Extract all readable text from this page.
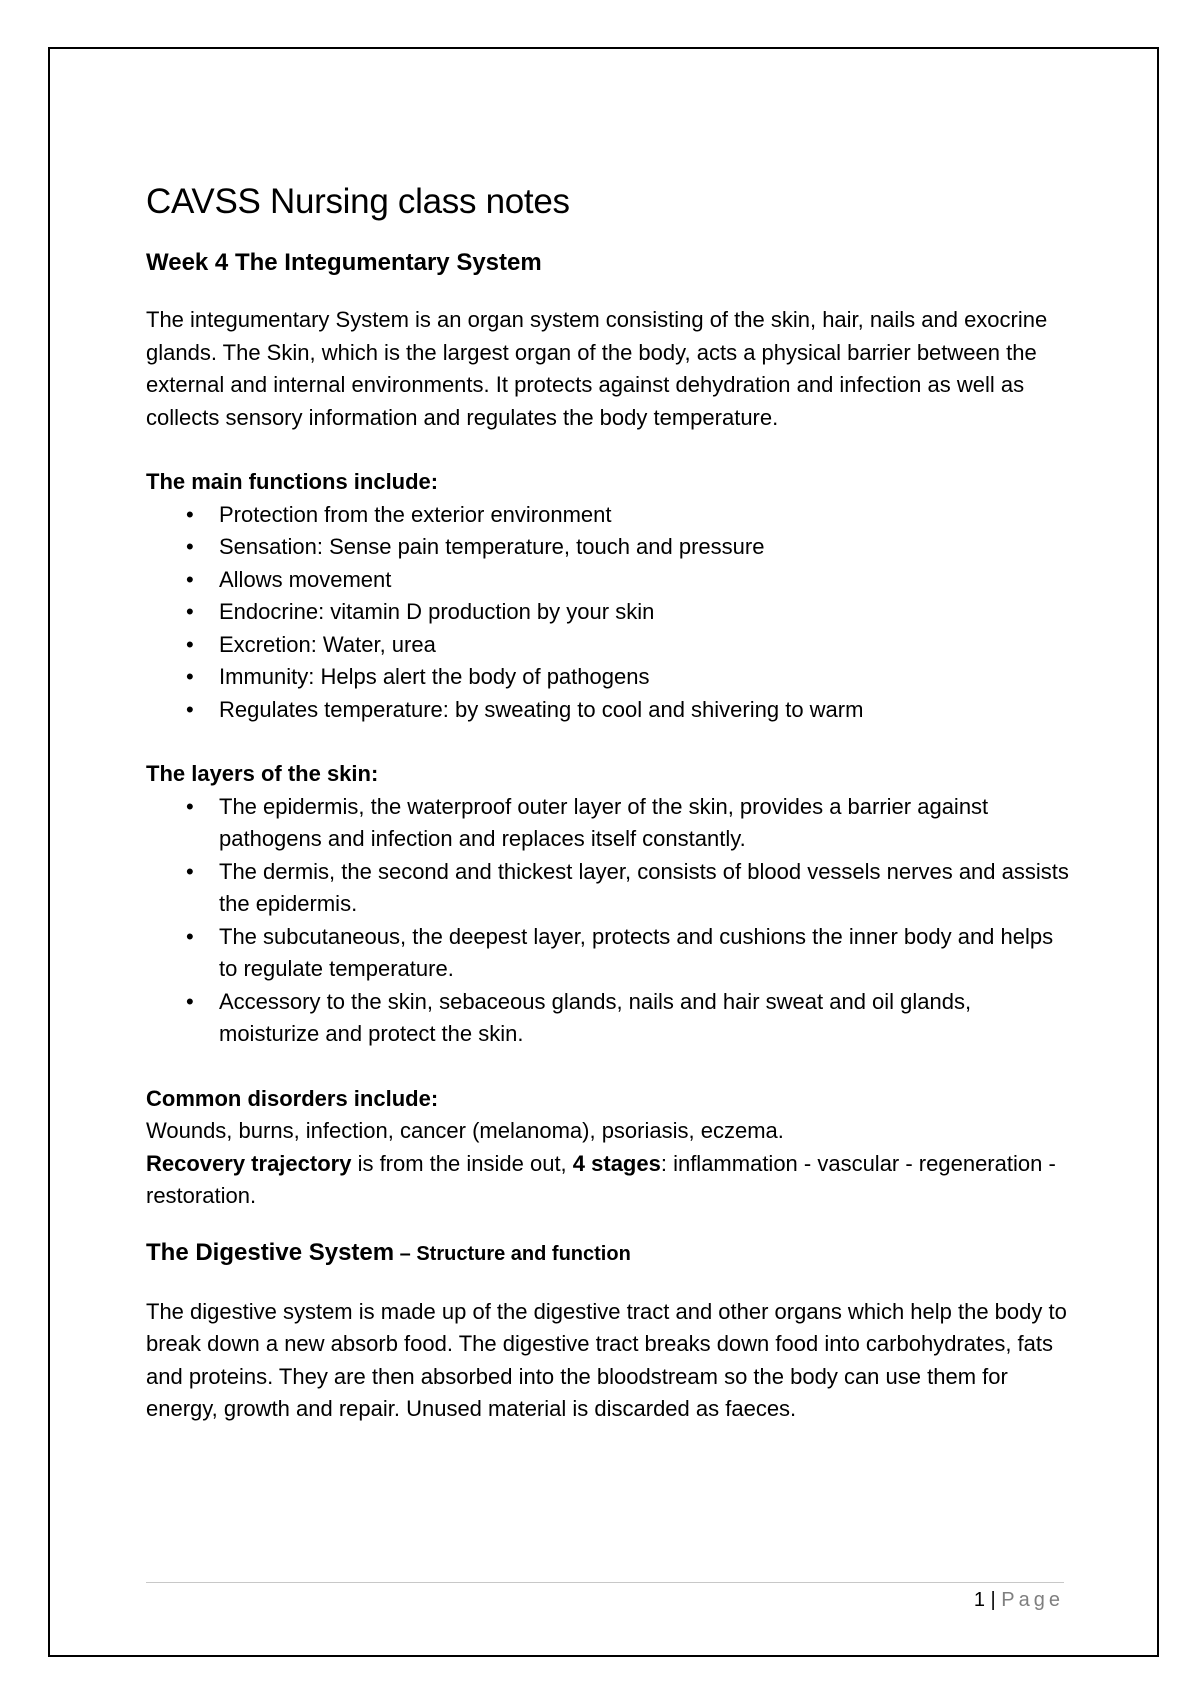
CAVSS Nursing class notes
Week 4 The Integumentary System

The integumentary System is an organ system consisting of the skin, hair, nails and exocrine glands. The Skin, which is the largest organ of the body, acts a physical barrier between the external and internal environments. It protects against dehydration and infection as well as collects sensory information and regulates the body temperature.

The main functions include:

• Protection from the exterior environment
• Sensation: Sense pain temperature, touch and pressure
• Allows movement
• Endocrine: vitamin D production by your skin
• Excretion: Water, urea
• Immunity: Helps alert the body of pathogens
• Regulates temperature: by sweating to cool and shivering to warm

The layers of the skin:

• The epidermis, the waterproof outer layer of the skin, provides a barrier against pathogens and infection and replaces itself constantly.
• The dermis, the second and thickest layer, consists of blood vessels nerves and assists the epidermis.
• The subcutaneous, the deepest layer, protects and cushions the inner body and helps to regulate temperature.
• Accessory to the skin, sebaceous glands, nails and hair sweat and oil glands, moisturize and protect the skin.

Common disorders include:

Wounds, burns, infection, cancer (melanoma), psoriasis, eczema.

Recovery trajectory is from the inside out, 4 stages: inflammation - vascular - regeneration - restoration.

The Digestive System – Structure and function

The digestive system is made up of the digestive tract and other organs which help the body to break down a new absorb food. The digestive tract breaks down food into carbohydrates, fats and proteins. They are then absorbed into the bloodstream so the body can use them for energy, growth and repair. Unused material is discarded as faeces.

1 | Page
